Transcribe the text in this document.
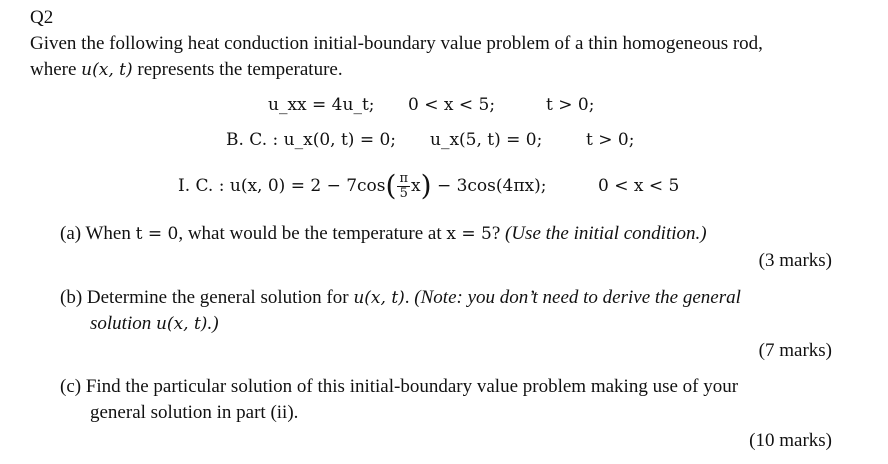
Q2
Given the following heat conduction initial-boundary value problem of a thin homogeneous rod,
where u(x, t) represents the temperature.
u_xx = 4u_t; 0 < x < 5;	t > 0;
B. C. : u_x(0, t) = 0; u_x(5, t) = 0;	t > 0;
I. C. : u(x, $0) = 2 - 7\cos( \frac{\pi}{5} x) - 3\cos(4\pi x)$;	0 < x < 5
(a) When t = 0, what would be the temperature at x = 5? (Use the initial condition.)
(3 marks)
(b) Determine the general solution for u(x, t). (Note: you don’t need to derive the general
solution u(x, t).)
(7 marks)
(c) Find the particular solution of this initial-boundary value problem making use of your
general solution in part (ii).
(10 marks)
